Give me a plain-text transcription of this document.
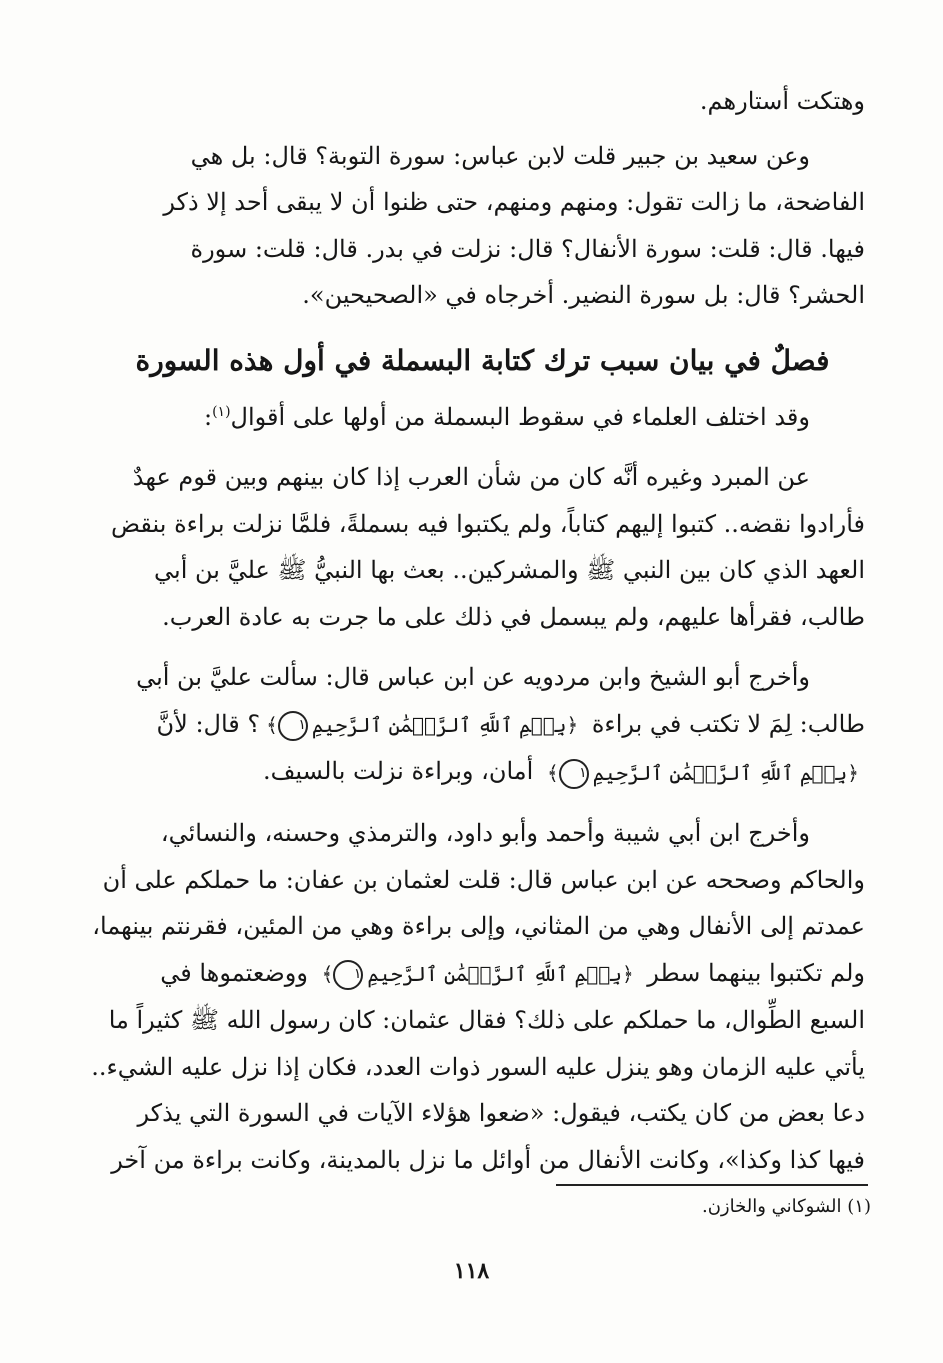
وهتكت أستارهم.

وعن سعيد بن جبير قلت لابن عباس: سورة التوبة؟ قال: بل هي

الفاضحة، ما زالت تقول: ومنهم ومنهم، حتى ظنوا أن لا يبقى أحد إلا ذكر
فيها. قال: قلت: سورة الأنفال؟ قال: نزلت في بدر. قال: قلت: سورة
الحشر؟ قال: بل سورة النضير. أخرجاه في «الصحيحين».

فصلٌ في بيان سبب ترك كتابة البسملة في أول هذه السورة

وقد اختلف العلماء في سقوط البسملة من أولها على أقوال$^{(١)}$:

عن المبرد وغيره أنَّه كان من شأن العرب إذا كان بينهم وبين قوم عهدٌ

فأرادوا نقضه.. كتبوا إليهم كتاباً، ولم يكتبوا فيه بسملةً، فلمَّا نزلت براءة بنقض
العهد الذي كان بين النبي ﷺ والمشركين.. بعث بها النبيُّ ﷺ عليَّ بن أبي
طالب، فقرأها عليهم، ولم يبسمل في ذلك على ما جرت به عادة العرب.

وأخرج أبو الشيخ وابن مردويه عن ابن عباس قال: سألت عليَّ بن أبي

طالب: لِمَ لا تكتب في براءة ﴿بِسۡمِ ٱللَّهِ ٱلرَّحۡمَٰنِ ٱلرَّحِيمِ١﴾؟ قال: لأنَّ
﴿بِسۡمِ ٱللَّهِ ٱلرَّحۡمَٰنِ ٱلرَّحِيمِ١﴾ أمان، وبراءة نزلت بالسيف.

وأخرج ابن أبي شيبة وأحمد وأبو داود، والترمذي وحسنه، والنسائي،

والحاكم وصححه عن ابن عباس قال: قلت لعثمان بن عفان: ما حملكم على أن
عمدتم إلى الأنفال وهي من المثاني، وإلى براءة وهي من المئين، فقرنتم بينهما،
ولم تكتبوا بينهما سطر ﴿بِسۡمِ ٱللَّهِ ٱلرَّحۡمَٰنِ ٱلرَّحِيمِ١﴾ ووضعتموها في
السبع الطِّوال، ما حملكم على ذلك؟ فقال عثمان: كان رسول الله ﷺ كثيراً ما
يأتي عليه الزمان وهو ينزل عليه السور ذوات العدد، فكان إذا نزل عليه الشيء..
دعا بعض من كان يكتب، فيقول: «ضعوا هؤلاء الآيات في السورة التي يذكر
فيها كذا وكذا»، وكانت الأنفال من أوائل ما نزل بالمدينة، وكانت براءة من آخر

(١) الشوكاني والخازن.
١١٨
